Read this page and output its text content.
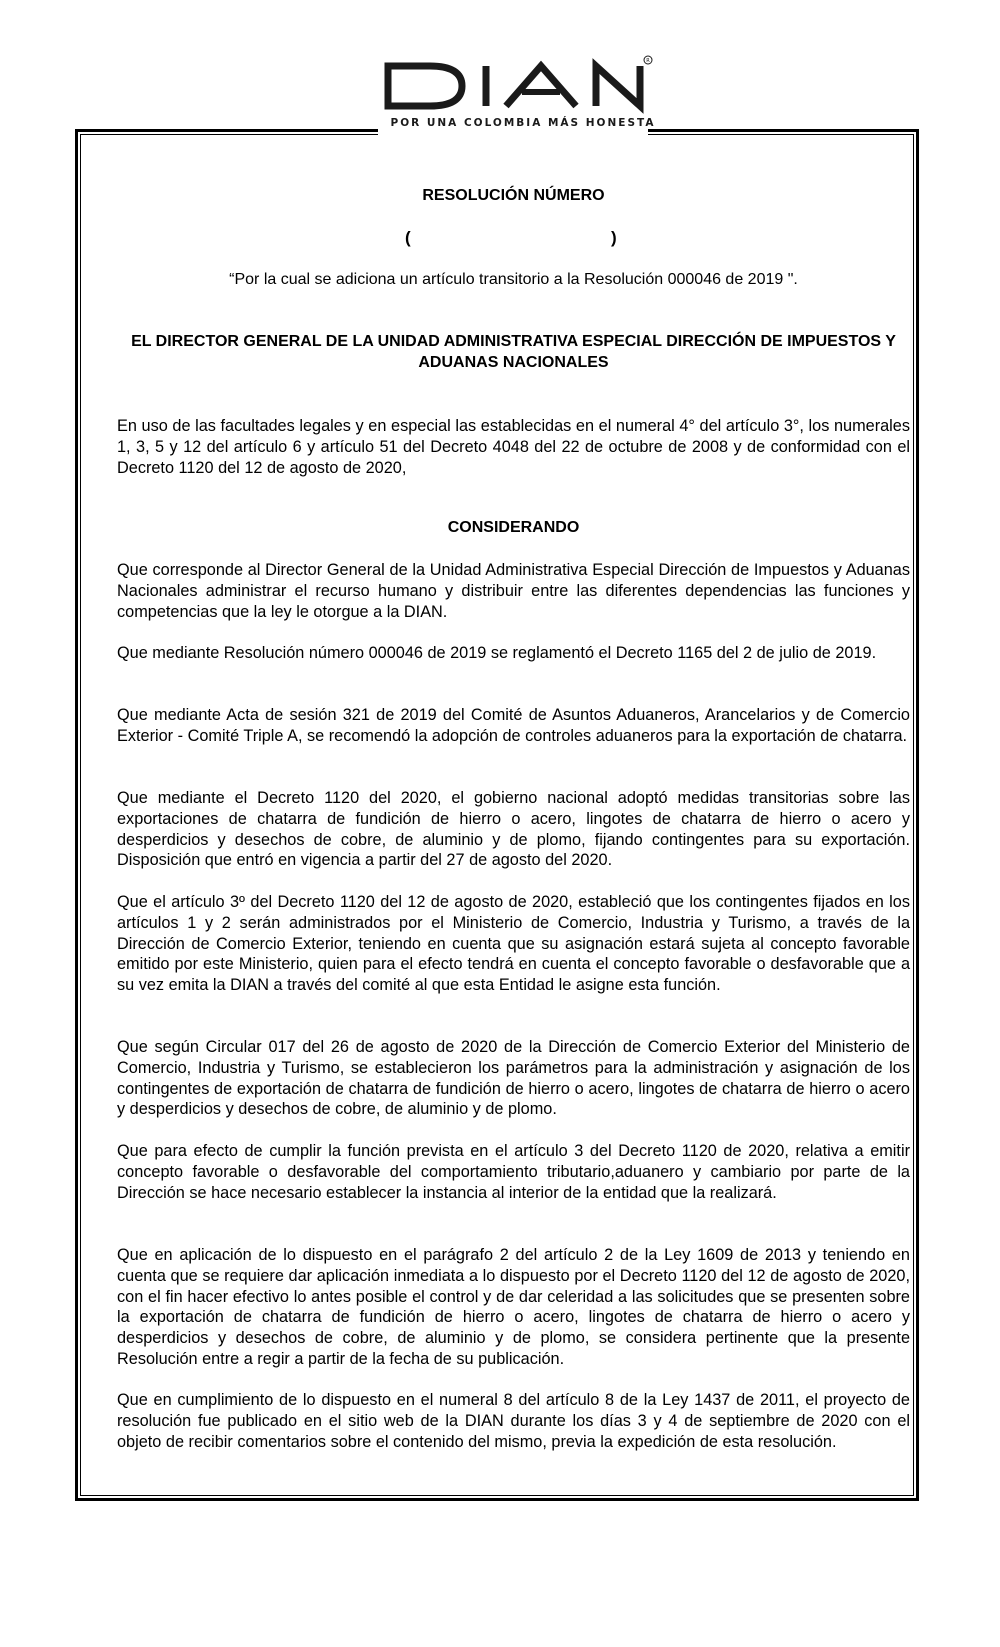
R
POR UNA COLOMBIA MÁS HONESTA
RESOLUCIÓN NÚMERO
(	)
“Por la cual se adiciona un artículo transitorio a la Resolución 000046 de 2019 ".
EL DIRECTOR GENERAL DE LA UNIDAD ADMINISTRATIVA ESPECIAL DIRECCIÓN DE IMPUESTOS Y ADUANAS NACIONALES
En uso de las facultades legales y en especial las establecidas en el numeral 4° del artículo 3°, los numerales 1, 3, 5 y 12 del artículo 6 y artículo 51 del Decreto 4048 del 22 de octubre de 2008 y de conformidad con el Decreto 1120 del 12 de agosto de 2020,
CONSIDERANDO
Que corresponde al Director General de la Unidad Administrativa Especial Dirección de Impuestos y Aduanas Nacionales administrar el recurso humano y distribuir entre las diferentes dependencias las funciones y competencias que la ley le otorgue a la DIAN.
Que mediante Resolución número 000046 de 2019 se reglamentó el Decreto 1165 del 2 de julio de 2019.
Que mediante Acta de sesión 321 de 2019 del Comité de Asuntos Aduaneros, Arancelarios y de Comercio Exterior - Comité Triple A, se recomendó la adopción de controles aduaneros para la exportación de chatarra.
Que mediante el Decreto 1120 del 2020, el gobierno nacional adoptó medidas transitorias sobre las exportaciones de chatarra de fundición de hierro o acero, lingotes de chatarra de hierro o acero y desperdicios y desechos de cobre, de aluminio y de plomo, fijando contingentes para su exportación. Disposición que entró en vigencia a partir del 27 de agosto del 2020.
Que el artículo 3º del Decreto 1120 del 12 de agosto de 2020, estableció que los contingentes fijados en los artículos 1 y 2 serán administrados por el Ministerio de Comercio, Industria y Turismo, a través de la Dirección de Comercio Exterior, teniendo en cuenta que su asignación estará sujeta al concepto favorable emitido por este Ministerio, quien para el efecto tendrá en cuenta el concepto favorable o desfavorable que a su vez emita la DIAN a través del comité al que esta Entidad le asigne esta función.
Que según Circular 017 del 26 de agosto de 2020 de la Dirección de Comercio Exterior del Ministerio de Comercio, Industria y Turismo, se establecieron los parámetros para la administración y asignación de los contingentes de exportación de chatarra de fundición de hierro o acero, lingotes de chatarra de hierro o acero y desperdicios y desechos de cobre, de aluminio y de plomo.
Que para efecto de cumplir la función prevista en el artículo 3 del Decreto 1120 de 2020, relativa a emitir concepto favorable o desfavorable del comportamiento tributario,aduanero y cambiario por parte de la Dirección se hace necesario establecer la instancia al interior de la entidad que la realizará.
Que en aplicación de lo dispuesto en el parágrafo 2 del artículo 2 de la Ley 1609 de 2013 y teniendo en cuenta que se requiere dar aplicación inmediata a lo dispuesto por el Decreto 1120 del 12 de agosto de 2020, con el fin hacer efectivo lo antes posible el control y de dar celeridad a las solicitudes que se presenten sobre la exportación de chatarra de fundición de hierro o acero, lingotes de chatarra de hierro o acero y desperdicios y desechos de cobre, de aluminio y de plomo, se considera pertinente que la presente Resolución entre a regir a partir de la fecha de su publicación.
Que en cumplimiento de lo dispuesto en el numeral 8 del artículo 8 de la Ley 1437 de 2011, el proyecto de resolución fue publicado en el sitio web de la DIAN durante los días 3 y 4 de septiembre de 2020 con el objeto de recibir comentarios sobre el contenido del mismo, previa la expedición de esta resolución.
